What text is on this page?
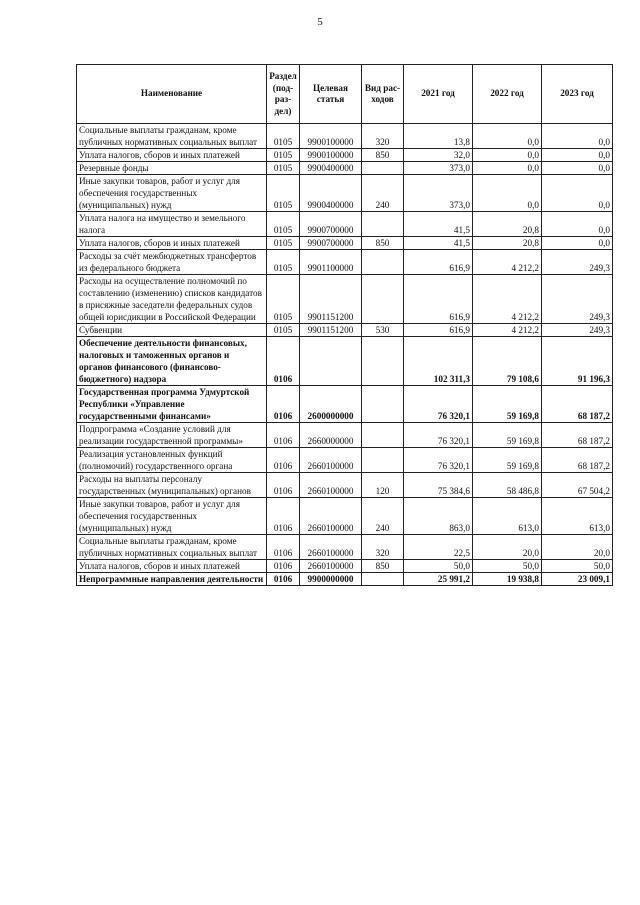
5
Наименование	Раздел (под-раз-дел)	Целевая статья	Вид рас-ходов	2021 год	2022 год	2023 год
Социальные выплаты гражданам, кроме публичных нормативных социальных выплат	0105	9900100000	320	13,8	0,0	0,0
Уплата налогов, сборов и иных платежей	0105	9900100000	850	32,0	0,0	0,0
Резервные фонды	0105	9900400000		373,0	0,0	0,0
Иные закупки товаров, работ и услуг для обеспечения государственных (муниципальных) нужд	0105	9900400000	240	373,0	0,0	0,0
Уплата налога на имущество и земельного налога	0105	9900700000		41,5	20,8	0,0
Уплата налогов, сборов и иных платежей	0105	9900700000	850	41,5	20,8	0,0
Расходы за счёт межбюджетных трансфертов из федерального бюджета	0105	9901100000		616,9	4 212,2	249,3
Расходы на осуществление полномочий по составлению (изменению) списков кандидатов в присяжные заседатели федеральных судов общей юрисдикции в Российской Федерации	0105	9901151200		616,9	4 212,2	249,3
Субвенции	0105	9901151200	530	616,9	4 212,2	249,3
Обеспечение деятельности финансовых, налоговых и таможенных органов и органов финансового (финансово-бюджетного) надзора	0106			102 311,3	79 108,6	91 196,3
Государственная программа Удмуртской Республики «Управление государственными финансами»	0106	2600000000		76 320,1	59 169,8	68 187,2
Подпрограмма «Создание условий для реализации государственной программы»	0106	2660000000		76 320,1	59 169,8	68 187,2
Реализация установленных функций (полномочий) государственного органа	0106	2660100000		76 320,1	59 169,8	68 187,2
Расходы на выплаты персоналу государственных (муниципальных) органов	0106	2660100000	120	75 384,6	58 486,8	67 504,2
Иные закупки товаров, работ и услуг для обеспечения государственных (муниципальных) нужд	0106	2660100000	240	863,0	613,0	613,0
Социальные выплаты гражданам, кроме публичных нормативных социальных выплат	0106	2660100000	320	22,5	20,0	20,0
Уплата налогов, сборов и иных платежей	0106	2660100000	850	50,0	50,0	50,0
Непрограммные направления деятельности	0106	9900000000		25 991,2	19 938,8	23 009,1
